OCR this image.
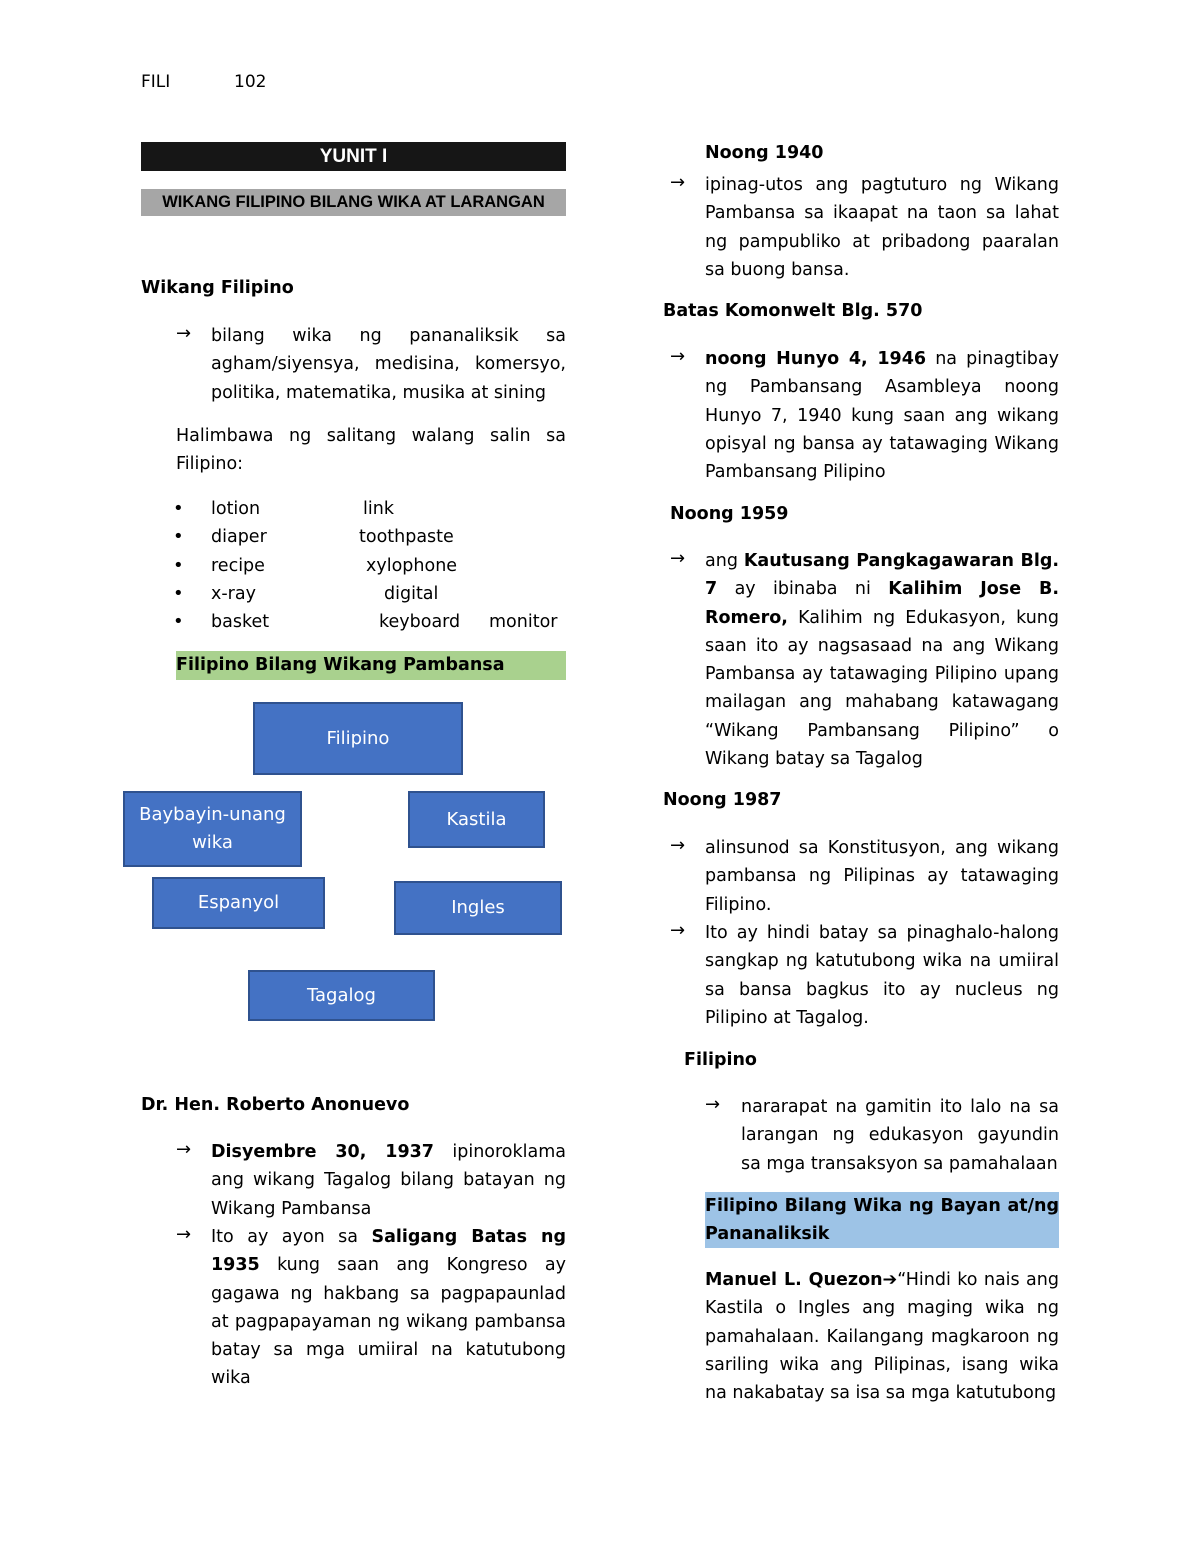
FILI	102
YUNIT I
WIKANG FILIPINO BILANG WIKA AT LARANGAN
Wikang Filipino
→ bilang wika ng pananaliksik sa agham/siyensya, medisina, komersyo, politika, matematika, musika at sining
Halimbawa ng salitang walang salin sa Filipino:
• lotion	link
• diaper	toothpaste
• recipe	xylophone
• x-ray	digital
• basket	keyboard monitor
Filipino Bilang Wikang Pambansa
Filipino
Baybayin-unang wika
Kastila
Espanyol	Ingles
Tagalog
Dr. Hen. Roberto Anonuevo
→ Disyembre 30, 1937 ipinoroklama ang wikang Tagalog bilang batayan ng Wikang Pambansa
→ Ito ay ayon sa Saligang Batas ng 1935 kung saan ang Kongreso ay gagawa ng hakbang sa pagpapaunlad at pagpapayaman ng wikang pambansa batay sa mga umiiral na katutubong wika
Noong 1940
→ ipinag-utos ang pagtuturo ng Wikang Pambansa sa ikaapat na taon sa lahat ng pampubliko at pribadong paaralan sa buong bansa.
Batas Komonwelt Blg. 570
→ noong Hunyo 4, 1946 na pinagtibay ng Pambansang Asambleya noong Hunyo 7, 1940 kung saan ang wikang opisyal ng bansa ay tatawaging Wikang Pambansang Pilipino
Noong 1959
→ ang Kautusang Pangkagawaran Blg. 7 ay ibinaba ni Kalihim Jose B. Romero, Kalihim ng Edukasyon, kung saan ito ay nagsasaad na ang Wikang Pambansa ay tatawaging Pilipino upang mailagan ang mahabang katawagang “Wikang Pambansang Pilipino” o Wikang batay sa Tagalog
Noong 1987
→ alinsunod sa Konstitusyon, ang wikang pambansa ng Pilipinas ay tatawaging Filipino.
→ Ito ay hindi batay sa pinaghalo-halong sangkap ng katutubong wika na umiiral sa bansa bagkus ito ay nucleus ng Pilipino at Tagalog.
Filipino
→ nararapat na gamitin ito lalo na sa larangan ng edukasyon gayundin sa mga transaksyon sa pamahalaan
Filipino Bilang Wika ng Bayan at/ng Pananaliksik
Manuel L. Quezon➔“Hindi ko nais ang Kastila o Ingles ang maging wika ng pamahalaan. Kailangang magkaroon ng sariling wika ang Pilipinas, isang wika na nakabatay sa isa sa mga katutubong
